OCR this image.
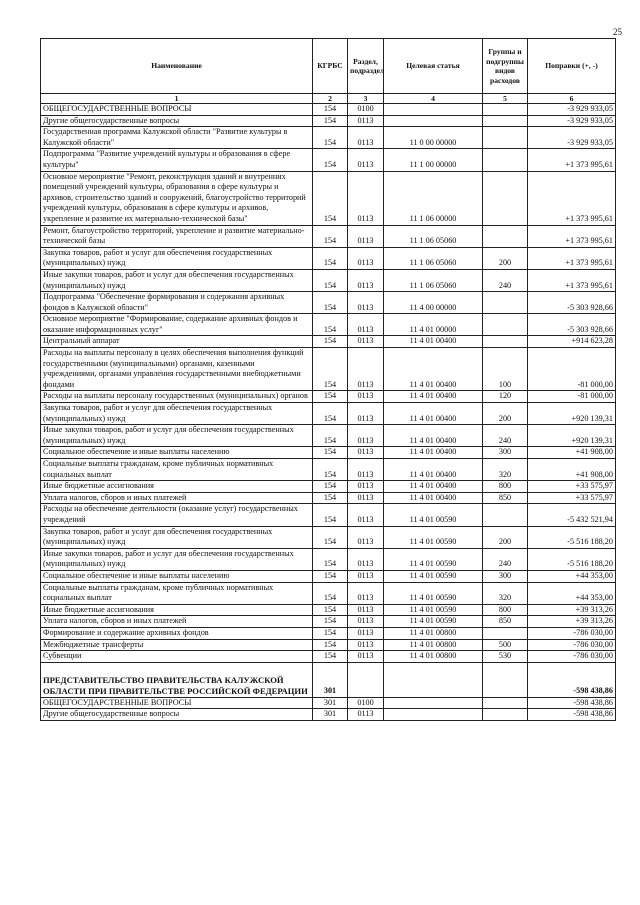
25
Наименование	КГРБС	Раздел, подраздел	Целевая статья	Группы и подгруппы видов расходов	Поправки (+, -)
1	2	3	4	5	6
ОБЩЕГОСУДАРСТВЕННЫЕ ВОПРОСЫ	154	0100			-3 929 933,05
Другие общегосударственные вопросы	154	0113			-3 929 933,05
Государственная программа Калужской области "Развитие культуры в Калужской области"	154	0113	11 0 00 00000		-3 929 933,05
Подпрограмма "Развитие учреждений культуры и образования в сфере культуры"	154	0113	11 1 00 00000		+1 373 995,61
Основное мероприятие "Ремонт, реконструкция зданий и внутренних помещений учреждений культуры, образования в сфере культуры и архивов, строительство зданий и сооружений, благоустройство территорий учреждений культуры, образования в сфере культуры и архивов, укрепление и развитие их материально-технической базы"	154	0113	11 1 06 00000		+1 373 995,61
Ремонт, благоустройство территорий, укрепление и развитие материально-технической базы	154	0113	11 1 06 05060		+1 373 995,61
Закупка товаров, работ и услуг для обеспечения государственных (муниципальных) нужд	154	0113	11 1 06 05060	200	+1 373 995,61
Иные закупки товаров, работ и услуг для обеспечения государственных (муниципальных) нужд	154	0113	11 1 06 05060	240	+1 373 995,61
Подпрограмма "Обеспечение формирования и содержания архивных фондов в Калужской области"	154	0113	11 4 00 00000		-5 303 928,66
Основное мероприятие "Формирование, содержание архивных фондов и оказание информационных услуг"	154	0113	11 4 01 00000		-5 303 928,66
Центральный аппарат	154	0113	11 4 01 00400		+914 623,28
Расходы на выплаты персоналу в целях обеспечения выполнения функций государственными (муниципальными) органами, казенными учреждениями, органами управления государственными внебюджетными фондами	154	0113	11 4 01 00400	100	-81 000,00
Расходы на выплаты персоналу государственных (муниципальных) органов	154	0113	11 4 01 00400	120	-81 000,00
Закупка товаров, работ и услуг для обеспечения государственных (муниципальных) нужд	154	0113	11 4 01 00400	200	+920 139,31
Иные закупки товаров, работ и услуг для обеспечения государственных (муниципальных) нужд	154	0113	11 4 01 00400	240	+920 139,31
Социальное обеспечение и иные выплаты населению	154	0113	11 4 01 00400	300	+41 908,00
Социальные выплаты гражданам, кроме публичных нормативных социальных выплат	154	0113	11 4 01 00400	320	+41 908,00
Иные бюджетные ассигнования	154	0113	11 4 01 00400	800	+33 575,97
Уплата налогов, сборов и иных платежей	154	0113	11 4 01 00400	850	+33 575,97
Расходы на обеспечение деятельности (оказание услуг) государственных учреждений	154	0113	11 4 01 00590		-5 432 521,94
Закупка товаров, работ и услуг для обеспечения государственных (муниципальных) нужд	154	0113	11 4 01 00590	200	-5 516 188,20
Иные закупки товаров, работ и услуг для обеспечения государственных (муниципальных) нужд	154	0113	11 4 01 00590	240	-5 516 188,20
Социальное обеспечение и иные выплаты населению	154	0113	11 4 01 00590	300	+44 353,00
Социальные выплаты гражданам, кроме публичных нормативных социальных выплат	154	0113	11 4 01 00590	320	+44 353,00
Иные бюджетные ассигнования	154	0113	11 4 01 00590	800	+39 313,26
Уплата налогов, сборов и иных платежей	154	0113	11 4 01 00590	850	+39 313,26
Формирование и содержание архивных фондов	154	0113	11 4 01 00800		-786 030,00
Межбюджетные трансферты	154	0113	11 4 01 00800	500	-786 030,00
Субвенции	154	0113	11 4 01 00800	530	-786 030,00
ПРЕДСТАВИТЕЛЬСТВО ПРАВИТЕЛЬСТВА КАЛУЖСКОЙ ОБЛАСТИ ПРИ ПРАВИТЕЛЬСТВЕ РОССИЙСКОЙ ФЕДЕРАЦИИ	301				-598 438,86
ОБЩЕГОСУДАРСТВЕННЫЕ ВОПРОСЫ	301	0100			-598 438,86
Другие общегосударственные вопросы	301	0113			-598 438,86
